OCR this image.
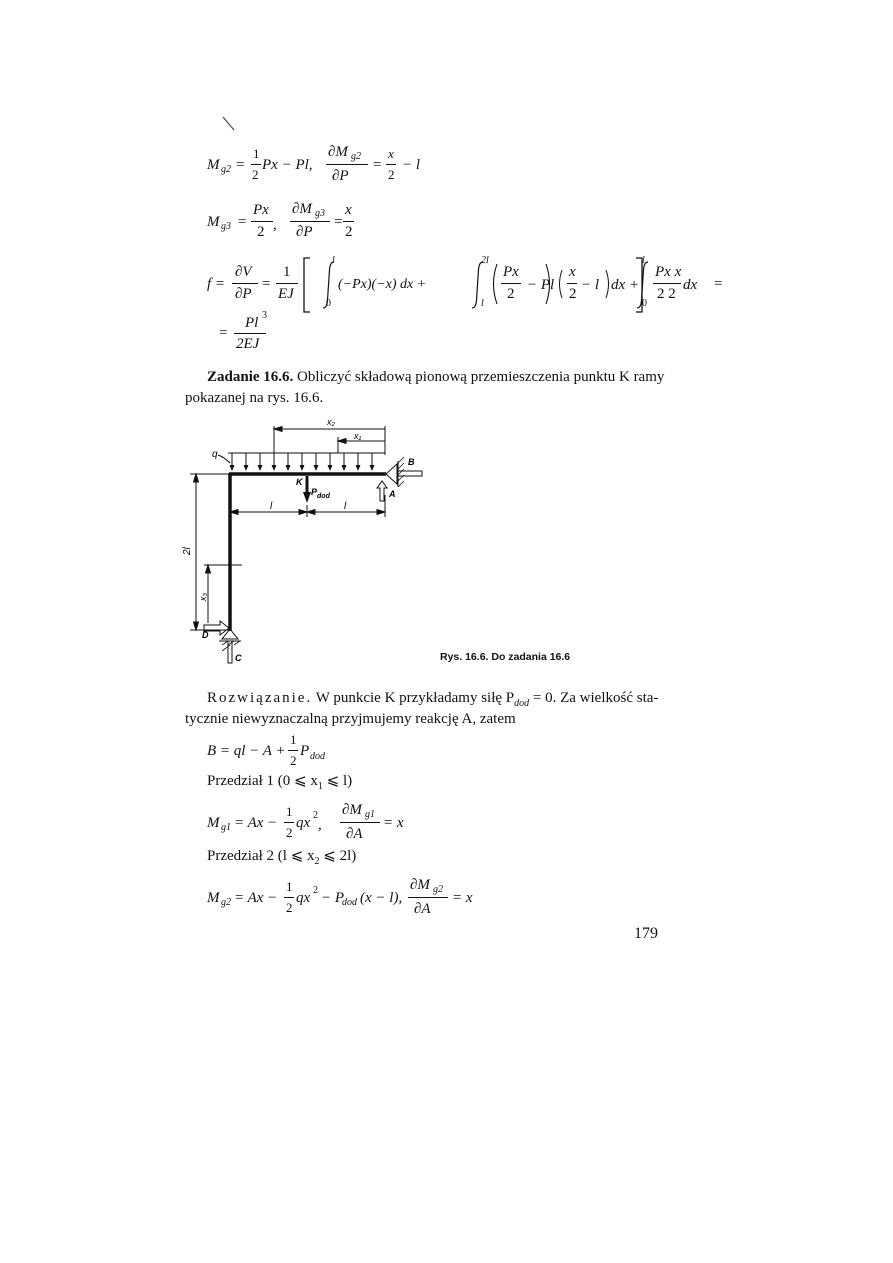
M g2 =
1
2
Px − Pl,
∂M g2
∂P
=
x
2
− l
M g3 =
Px
2 ,
∂M g3
∂P
=
x
2
f =
∂V
∂P
=
1
EJ
l
0
(−Px)(−x) dx +
2l
l
Px
2
− Pl
x
2
− l dx +
l
0
Px x
2 2
dx =
=
Pl 3
2EJ
Zadanie 16.6. Obliczyć składową pionową przemieszczenia punktu K ramy
pokazanej na rys. 16.6.
x₂
x₁
q
B
K
$P_{dod}$	A
l	l
2l
x₃
D
C	Rys. 16.6. Do zadania 16.6
Rozwiązanie. W punkcie K przykładamy siłę $P_{dod} = 0$. Za wielkość sta-
tycznie niewyznaczalną przyjmujemy reakcję A, zatem
B = ql − A +
1
2
P dod
Przedział 1 (0 ⩽ $x_1$ ⩽ l)
M g1 = Ax −
1
2
qx 2
,
∂M g1
∂A
= x
Przedział 2 (l ⩽ $x_2$ ⩽ 2l)
M g2 = Ax −
1
2
qx 2 − P
dod (x − l),
∂M g2
∂A
= x
179
